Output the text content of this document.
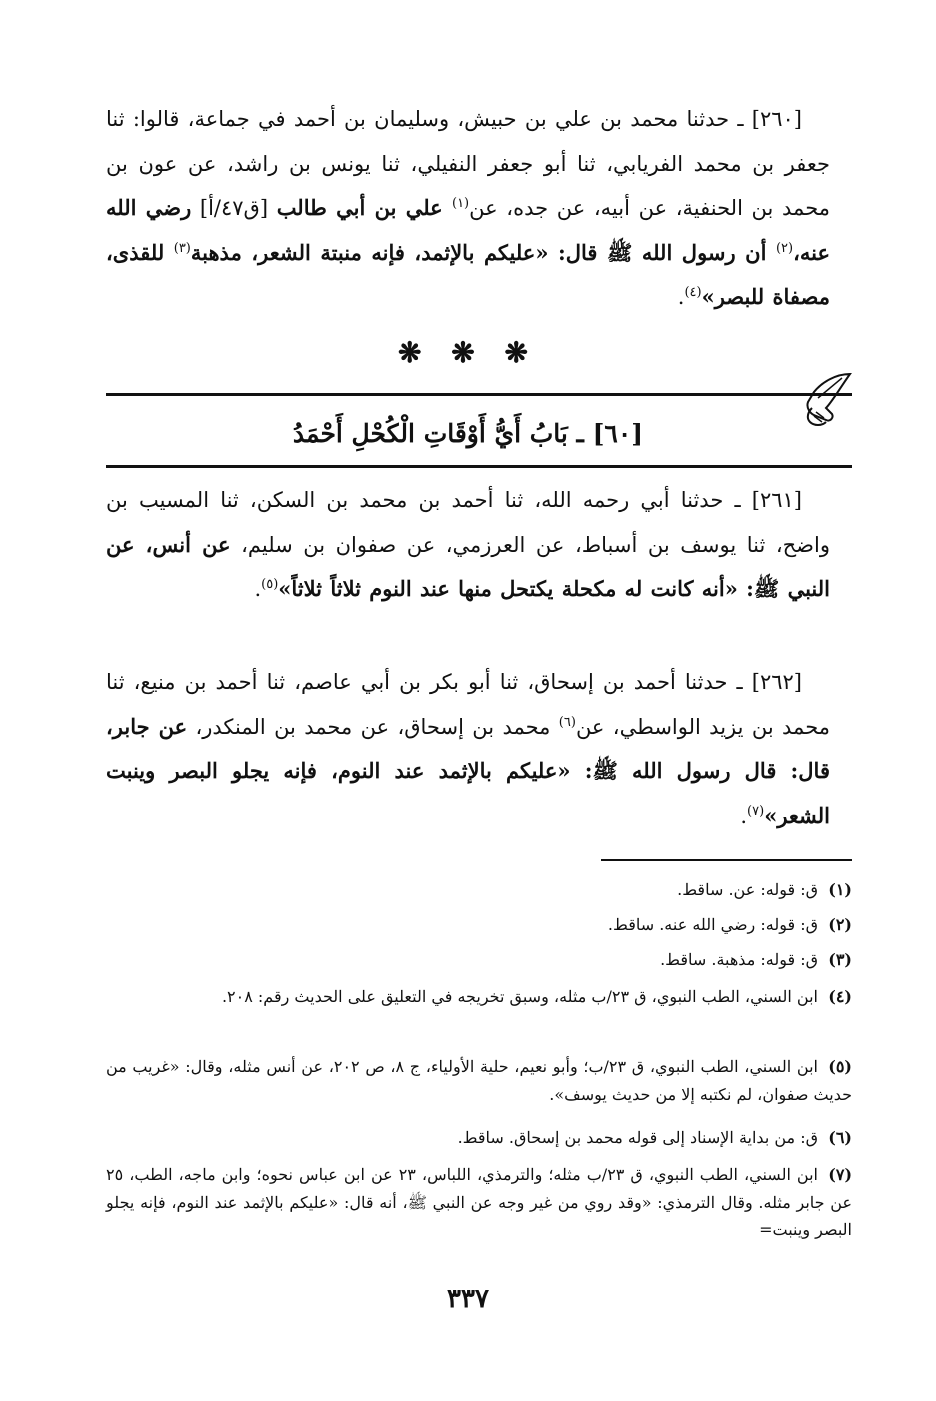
[٢٦٠] ـ حدثنا محمد بن علي بن حبيش، وسليمان بن أحمد في جماعة، قالوا: ثنا جعفر بن محمد الفريابي، ثنا أبو جعفر النفيلي، ثنا يونس بن راشد، عن عون بن محمد بن الحنفية، عن أبيه، عن جده، عن$^{(١)}$ علي بن أبي طالب [ق٤٧/أ] رضي الله عنه،$^{(٢)}$ أن رسول الله ﷺ قال: «عليكم بالإثمد، فإنه منبتة الشعر، مذهبة$^{(٣)}$ للقذى، مصفاة للبصر»$^{(٤)}$.
❋ ❋ ❋
[٦٠] ـ بَابُ أَيُّ أَوْقَاتِ الْكُحْلِ أَحْمَدُ
[٢٦١] ـ حدثنا أبي رحمه الله، ثنا أحمد بن محمد بن السكن، ثنا المسيب بن واضح، ثنا يوسف بن أسباط، عن العرزمي، عن صفوان بن سليم، عن أنس، عن النبي ﷺ: «أنه كانت له مكحلة يكتحل منها عند النوم ثلاثاً ثلاثاً»$^{(٥)}$.
[٢٦٢] ـ حدثنا أحمد بن إسحاق، ثنا أبو بكر بن أبي عاصم، ثنا أحمد بن منيع، ثنا محمد بن يزيد الواسطي، عن$^{(٦)}$ محمد بن إسحاق، عن محمد بن المنكدر، عن جابر، قال: قال رسول الله ﷺ: «عليكم بالإثمد عند النوم، فإنه يجلو البصر وينبت الشعر»$^{(٧)}$.
(١)ق: قوله: عن. ساقط.
(٢)ق: قوله: رضي الله عنه. ساقط.
(٣)ق: قوله: مذهبة. ساقط.
(٤)ابن السني، الطب النبوي، ق ٢٣/ب مثله، وسبق تخريجه في التعليق على الحديث رقم: ٢٠٨.
(٥)ابن السني، الطب النبوي، ق ٢٣/ب؛ وأبو نعيم، حلية الأولياء، ج ٨، ص ٢٠٢، عن أنس مثله، وقال: «غريب من حديث صفوان، لم نكتبه إلا من حديث يوسف».
(٦)ق: من بداية الإسناد إلى قوله محمد بن إسحاق. ساقط.
(٧)ابن السني، الطب النبوي، ق ٢٣/ب مثله؛ والترمذي، اللباس، ٢٣ عن ابن عباس نحوه؛ وابن ماجه، الطب، ٢٥ عن جابر مثله. وقال الترمذي: «وقد روي من غير وجه عن النبي ﷺ، أنه قال: «عليكم بالإثمد عند النوم، فإنه يجلو البصر وينبت=
٣٣٧
